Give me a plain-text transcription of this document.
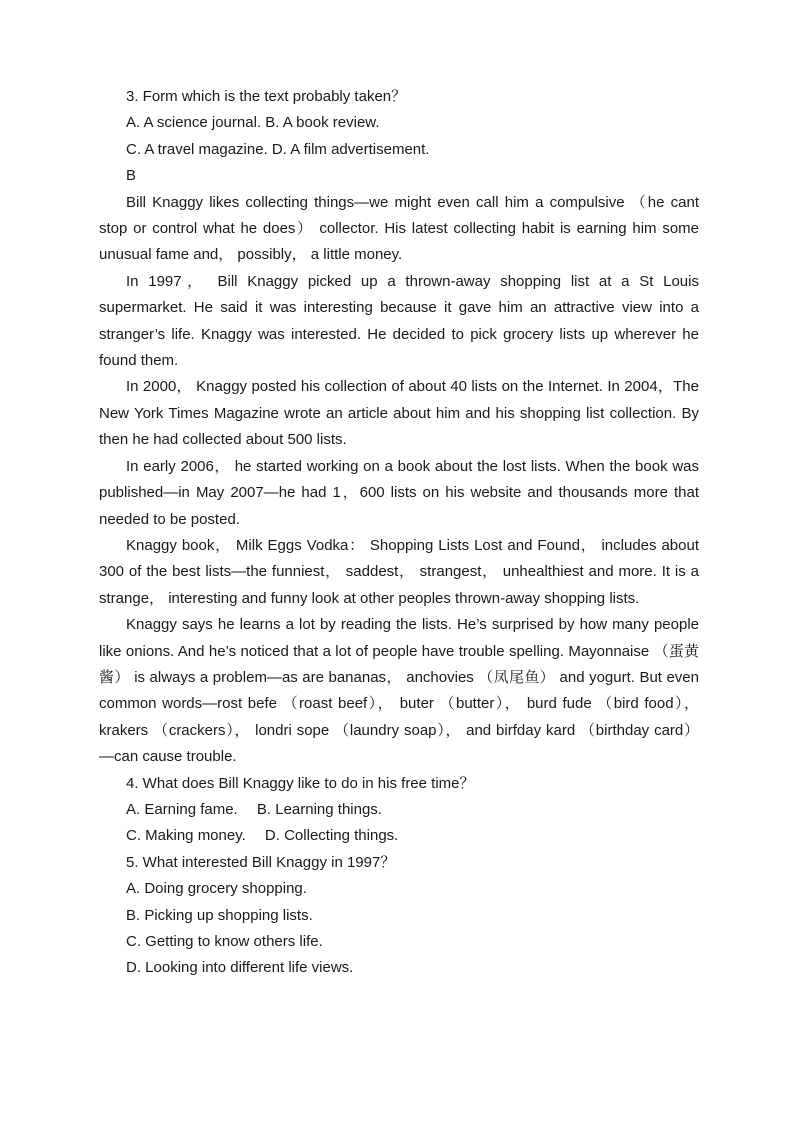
3. Form which is the text probably taken？

A. A science journal. B. A book review.

C. A travel magazine. D. A film advertisement.

B

Bill Knaggy likes collecting things—we might even call him a compulsive （he cant stop or control what he does） collector. His latest collecting habit is earning him some unusual fame and， possibly， a little money.

In 1997， Bill Knaggy picked up a thrown-away shopping list at a St Louis supermarket. He said it was interesting because it gave him an attractive view into a stranger’s life. Knaggy was interested. He decided to pick grocery lists up wherever he found them.

In 2000， Knaggy posted his collection of about 40 lists on the Internet. In 2004，The New York Times Magazine wrote an article about him and his shopping list collection. By then he had collected about 500 lists.

In early 2006， he started working on a book about the lost lists. When the book was published—in May 2007—he had 1，600 lists on his website and thousands more that needed to be posted.

Knaggy book， Milk Eggs Vodka： Shopping Lists Lost and Found， includes about 300 of the best lists—the funniest， saddest， strangest， unhealthiest and more. It is a strange， interesting and funny look at other peoples thrown-away shopping lists.

Knaggy says he learns a lot by reading the lists. He’s surprised by how many people like onions. And he’s noticed that a lot of people have trouble spelling. Mayonnaise （蛋黄酱） is always a problem—as are bananas， anchovies （凤尾鱼） and yogurt. But even common words—rost befe （roast beef）， buter （butter）， burd fude （bird food）， krakers （crackers）， londri sope （laundry soap）， and birfday kard （birthday card）—can cause trouble.

4. What does Bill Knaggy like to do in his free time？

A. Earning fame.　 B. Learning things.

C. Making money.　 D. Collecting things.

5. What interested Bill Knaggy in 1997？

A. Doing grocery shopping.

B. Picking up shopping lists.

C. Getting to know others life.

D. Looking into different life views.
